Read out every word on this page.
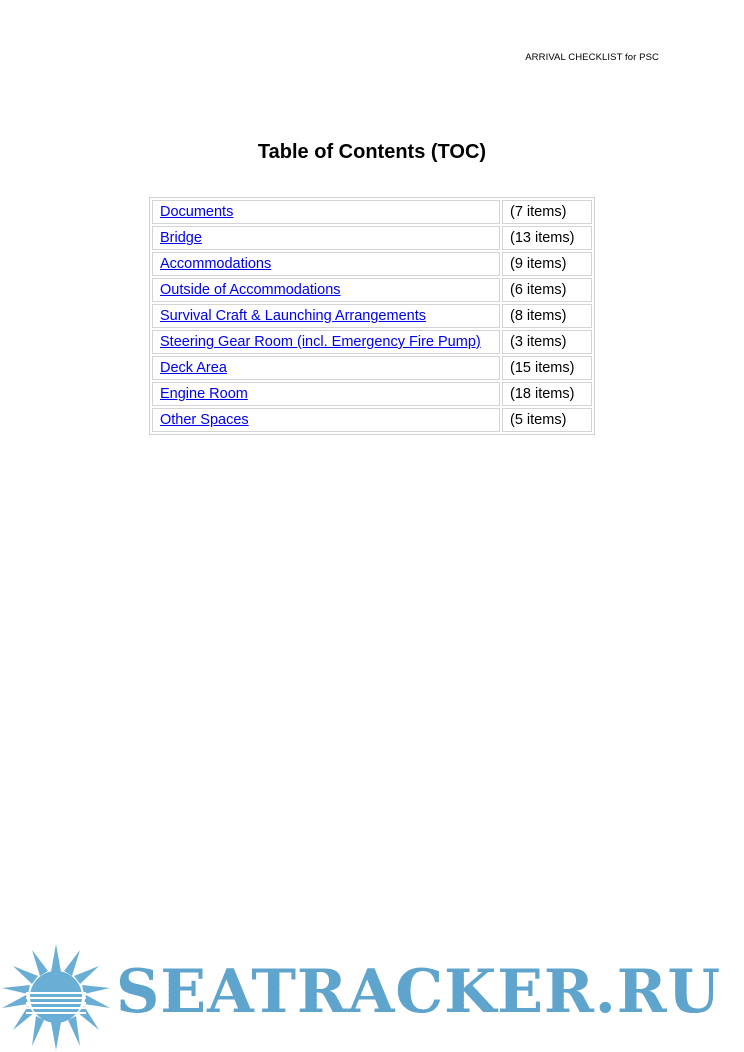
ARRIVAL CHECKLIST for PSC
Table of Contents (TOC)
Documents	(7 items)
Bridge	(13 items)
Accommodations	(9 items)
Outside of Accommodations	(6 items)
Survival Craft & Launching Arrangements	(8 items)
Steering Gear Room (incl. Emergency Fire Pump)	(3 items)
Deck Area	(15 items)
Engine Room	(18 items)
Other Spaces	(5 items)
SEATRACKER.RU
